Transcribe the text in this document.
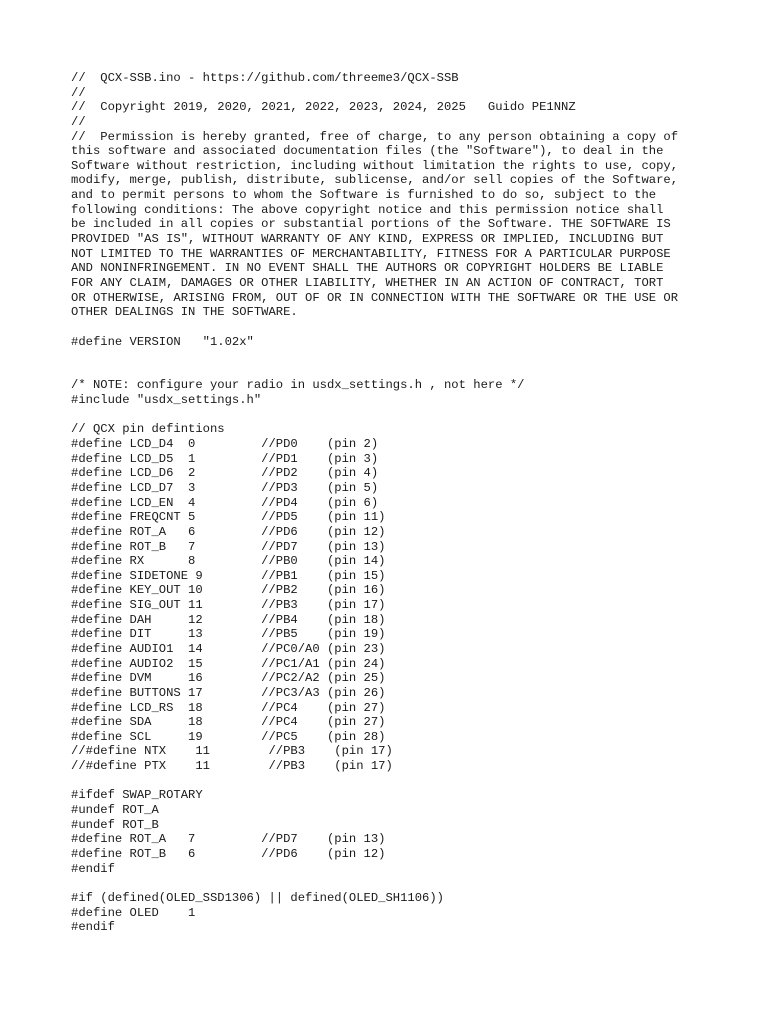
//  QCX-SSB.ino - https://github.com/threeme3/QCX-SSB
//
//  Copyright 2019, 2020, 2021, 2022, 2023, 2024, 2025   Guido PE1NNZ
//
//  Permission is hereby granted, free of charge, to any person obtaining a copy of
this software and associated documentation files (the "Software"), to deal in the
Software without restriction, including without limitation the rights to use, copy,
modify, merge, publish, distribute, sublicense, and/or sell copies of the Software,
and to permit persons to whom the Software is furnished to do so, subject to the
following conditions: The above copyright notice and this permission notice shall
be included in all copies or substantial portions of the Software. THE SOFTWARE IS
PROVIDED "AS IS", WITHOUT WARRANTY OF ANY KIND, EXPRESS OR IMPLIED, INCLUDING BUT
NOT LIMITED TO THE WARRANTIES OF MERCHANTABILITY, FITNESS FOR A PARTICULAR PURPOSE
AND NONINFRINGEMENT. IN NO EVENT SHALL THE AUTHORS OR COPYRIGHT HOLDERS BE LIABLE
FOR ANY CLAIM, DAMAGES OR OTHER LIABILITY, WHETHER IN AN ACTION OF CONTRACT, TORT
OR OTHERWISE, ARISING FROM, OUT OF OR IN CONNECTION WITH THE SOFTWARE OR THE USE OR
OTHER DEALINGS IN THE SOFTWARE.
#define VERSION   "1.02x"
/* NOTE: configure your radio in usdx_settings.h , not here */
#include "usdx_settings.h"
// QCX pin defintions
#define LCD_D4  0         //PD0    (pin 2)
#define LCD_D5  1         //PD1    (pin 3)
#define LCD_D6  2         //PD2    (pin 4)
#define LCD_D7  3         //PD3    (pin 5)
#define LCD_EN  4         //PD4    (pin 6)
#define FREQCNT 5         //PD5    (pin 11)
#define ROT_A   6         //PD6    (pin 12)
#define ROT_B   7         //PD7    (pin 13)
#define RX      8         //PB0    (pin 14)
#define SIDETONE 9        //PB1    (pin 15)
#define KEY_OUT 10        //PB2    (pin 16)
#define SIG_OUT 11        //PB3    (pin 17)
#define DAH     12        //PB4    (pin 18)
#define DIT     13        //PB5    (pin 19)
#define AUDIO1  14        //PC0/A0 (pin 23)
#define AUDIO2  15        //PC1/A1 (pin 24)
#define DVM     16        //PC2/A2 (pin 25)
#define BUTTONS 17        //PC3/A3 (pin 26)
#define LCD_RS  18        //PC4    (pin 27)
#define SDA     18        //PC4    (pin 27)
#define SCL     19        //PC5    (pin 28)
//#define NTX    11        //PB3    (pin 17)
//#define PTX    11        //PB3    (pin 17)
#ifdef SWAP_ROTARY
#undef ROT_A
#undef ROT_B
#define ROT_A   7         //PD7    (pin 13)
#define ROT_B   6         //PD6    (pin 12)
#endif
#if (defined(OLED_SSD1306) || defined(OLED_SH1106))
#define OLED    1
#endif
